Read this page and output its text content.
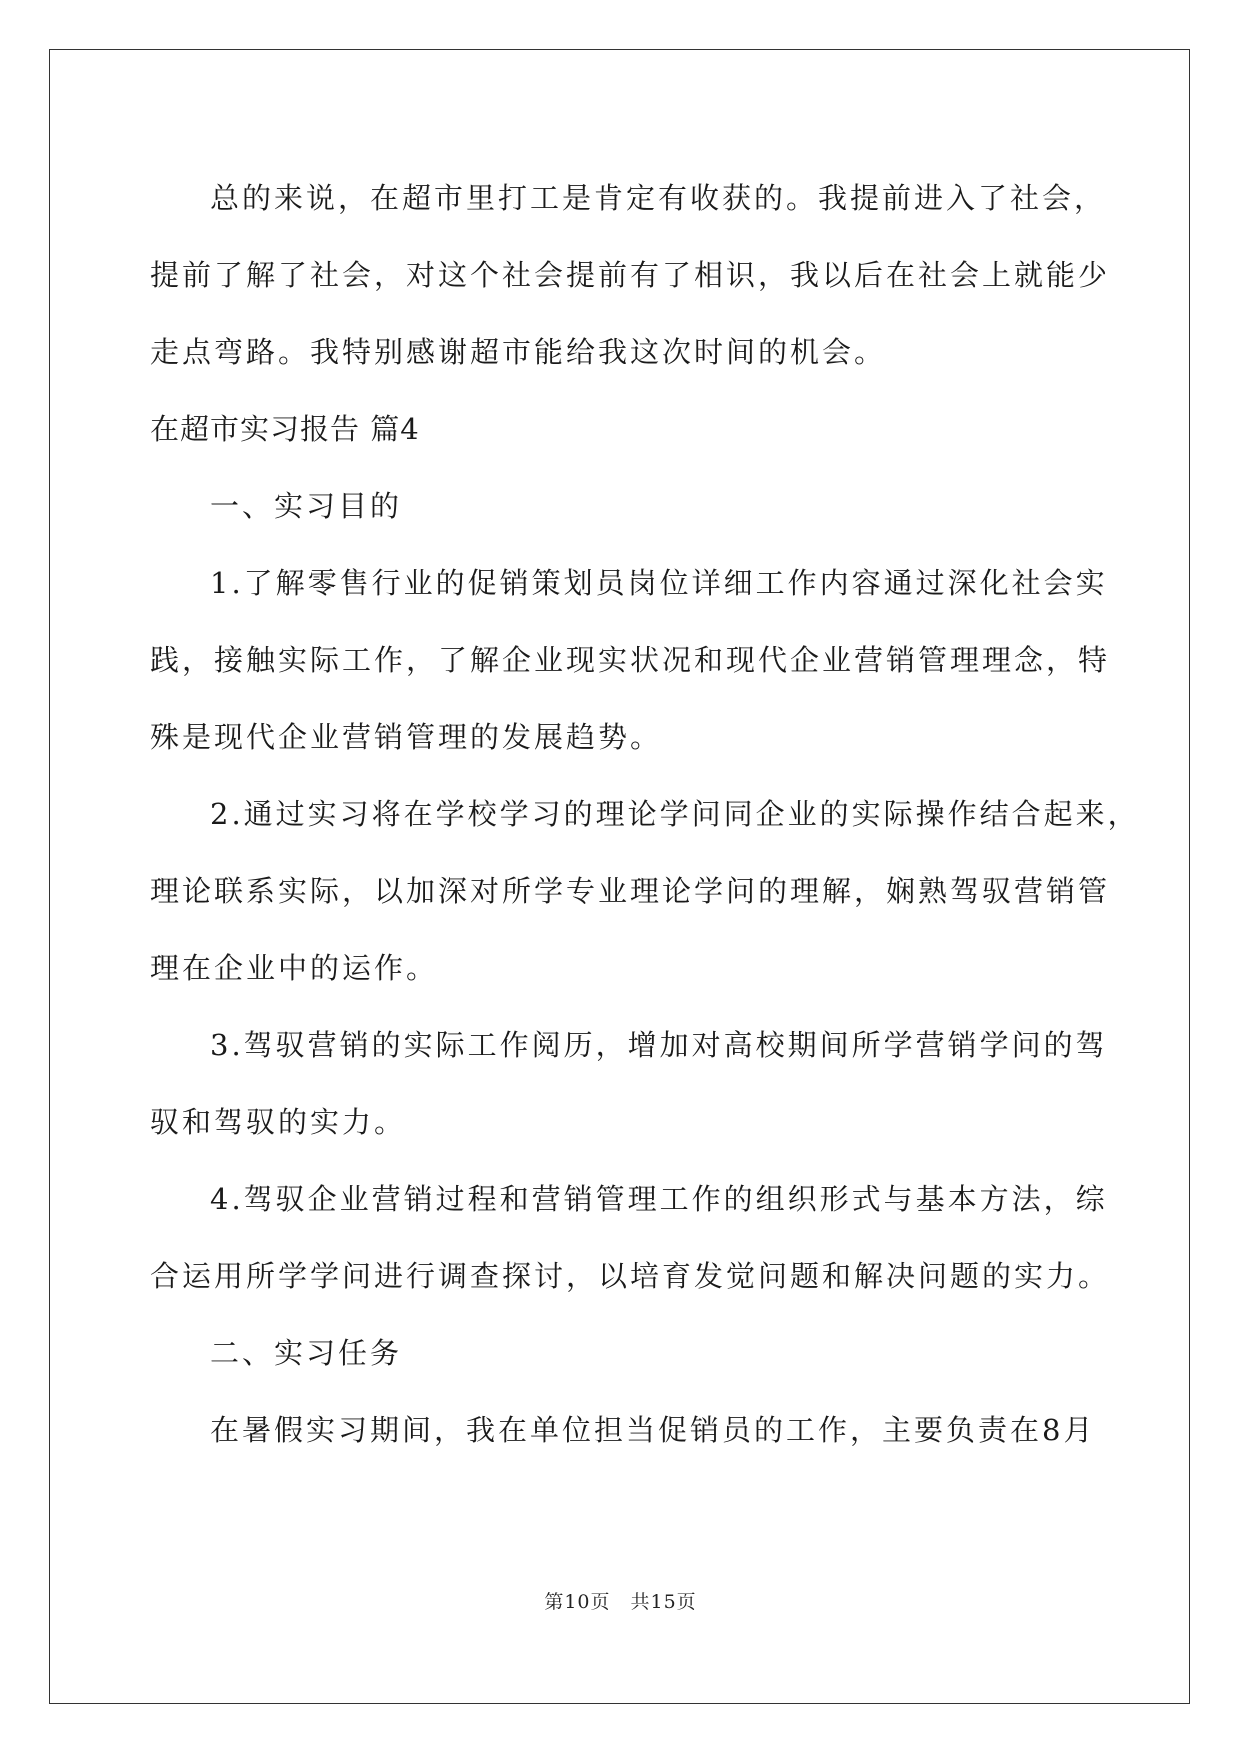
总的来说，在超市里打工是肯定有收获的。我提前进入了社会，
提前了解了社会，对这个社会提前有了相识，我以后在社会上就能少
走点弯路。我特别感谢超市能给我这次时间的机会。
在超市实习报告 篇4
一、实习目的
1.了解零售行业的促销策划员岗位详细工作内容通过深化社会实
践，接触实际工作，了解企业现实状况和现代企业营销管理理念，特
殊是现代企业营销管理的发展趋势。
2.通过实习将在学校学习的理论学问同企业的实际操作结合起来，
理论联系实际，以加深对所学专业理论学问的理解，娴熟驾驭营销管
理在企业中的运作。
3.驾驭营销的实际工作阅历，增加对高校期间所学营销学问的驾
驭和驾驭的实力。
4.驾驭企业营销过程和营销管理工作的组织形式与基本方法，综
合运用所学学问进行调查探讨，以培育发觉问题和解决问题的实力。
二、实习任务
在暑假实习期间，我在单位担当促销员的工作，主要负责在8月
第10页　共15页
